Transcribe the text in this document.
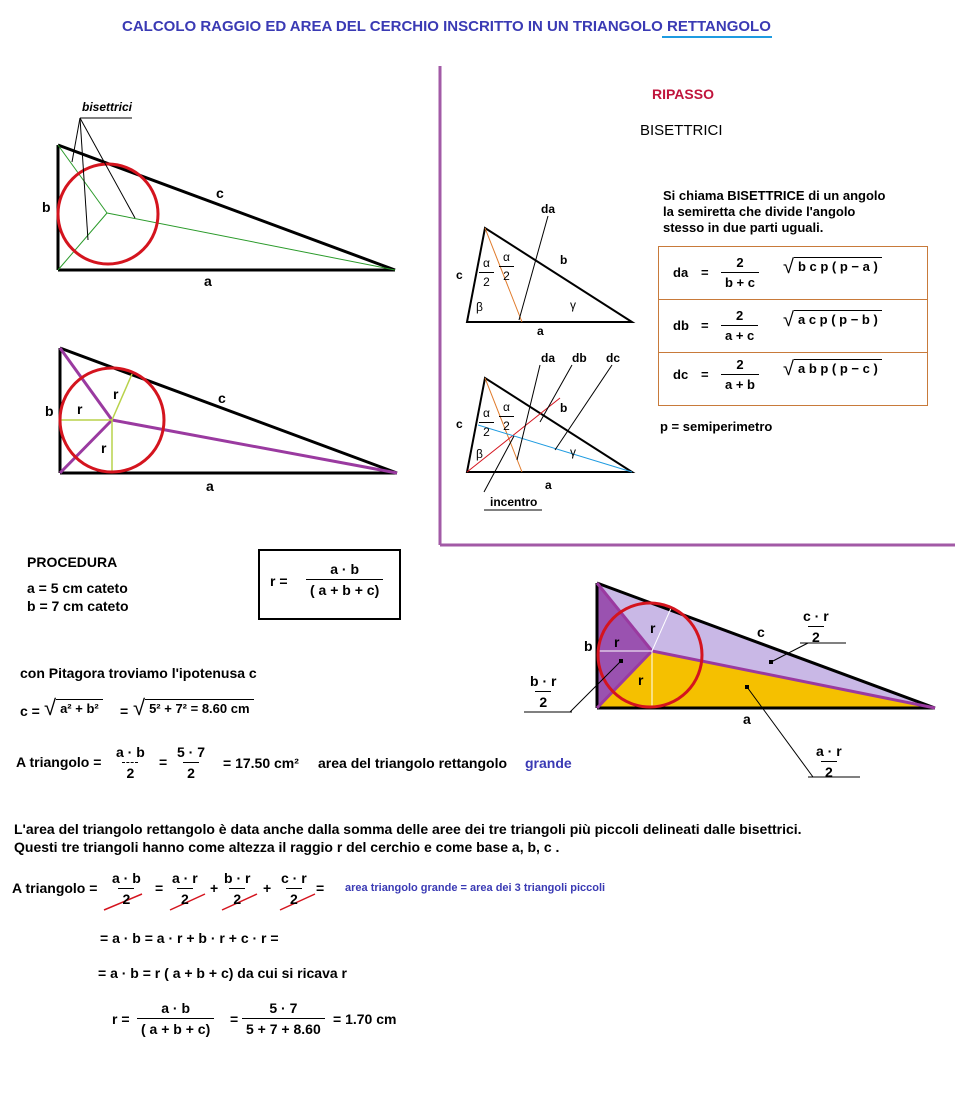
CALCOLO RAGGIO ED AREA DEL CERCHIO INSCRITTO IN UN TRIANGOLO RETTANGOLO
bisettrici
b
c
a
b
c
a
r
r
r
RIPASSO
BISETTRICI
Si chiama BISETTRICE di un angolo
la semiretta che divide l'angolo
stesso in due parti uguali.
da
c
b
a
$\frac{\alpha}{2} \frac{\alpha}{2}$
β	γ
da db dc
c
b
a
$\frac{\alpha}{2} \frac{\alpha}{2}$
β	γ
incentro
da = $\frac{2}{b + c}$ √ b c p ( p − a )
db = $\frac{2}{a + c}$ √ a c p ( p − b )
dc = $\frac{2}{a + b}$ √ a b p ( p − c )
p = semiperimetro
PROCEDURA
a = 5 cm cateto
b = 7 cm cateto
$r = \frac{a \cdot b}{( a + b + c)}$
b
c
a
r
r
r
$\frac{c \cdot r}{2}$
$\frac{b \cdot r}{2}$
$\frac{a \cdot r}{2}$
con Pitagora troviamo l'ipotenusa c
c = √ a² + b² = √ 5² + 7² = 8.60 cm
A triangolo = $\frac{a \cdot b}{2} = \frac{5 \cdot 7}{2} = 17.50$ cm² area del triangolo rettangolo grande
L'area del triangolo rettangolo è data anche dalla somma delle aree dei tre triangoli più piccoli delineati dalle bisettrici.
Questi tre triangoli hanno come altezza il raggio r del cerchio e come base a, b, c .
A triangolo = $\frac{a \cdot b}{2} = \frac{a \cdot r}{2} + \frac{b \cdot r}{2} + \frac{c \cdot r}{2}$ = area triangolo grande = area dei 3 triangoli piccoli
= a · b = a · r + b · r + c · r =
= a · b = r ( a + b + c) da cui si ricava r
$r = \frac{a \cdot b}{( a + b + c)} = \frac{5 \cdot 7}{5 + 7 + 8.60} = 1.70$ cm
